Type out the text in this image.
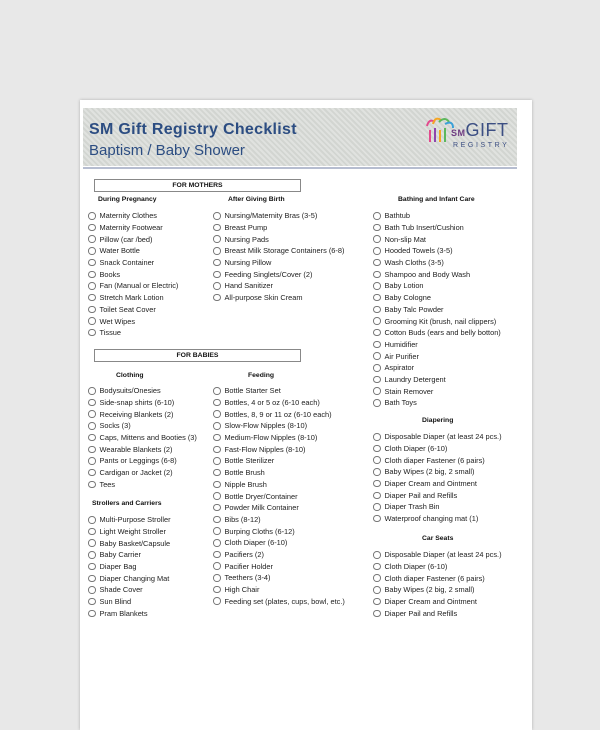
SM Gift Registry Checklist
Baptism / Baby Shower
SMGIFT
REGISTRY
FOR MOTHERS
FOR BABIES
During Pregnancy
Maternity Clothes
Maternity Footwear
Pillow (car /bed)
Water Bottle
Snack Container
Books
Fan (Manual or Electric)
Stretch Mark Lotion
Toilet Seat Cover
Wet Wipes
Tissue
After Giving Birth
Nursing/Maternity Bras (3-5)
Breast Pump
Nursing Pads
Breast Milk Storage Containers (6-8)
Nursing Pillow
Feeding Singlets/Cover (2)
Hand Sanitizer
All-purpose Skin Cream
Bathing and Infant Care
Bathtub
Bath Tub Insert/Cushion
Non-slip Mat
Hooded Towels (3-5)
Wash Cloths (3-5)
Shampoo and Body Wash
Baby Lotion
Baby Cologne
Baby Talc Powder
Grooming Kit (brush, nail clippers)
Cotton Buds (ears and belly botton)
Humidifier
Air Purifier
Aspirator
Laundry Detergent
Stain Remover
Bath Toys
Clothing
Bodysuits/Onesies
Side-snap shirts (6-10)
Receiving Blankets (2)
Socks (3)
Caps, Mittens and Booties (3)
Wearable Blankets (2)
Pants or Leggings (6-8)
Cardigan or Jacket (2)
Tees
Strollers and Carriers
Multi-Purpose Stroller
Light Weight Stroller
Baby Basket/Capsule
Baby Carrier
Diaper Bag
Diaper Changing Mat
Shade Cover
Sun Blind
Pram Blankets
Feeding
Bottle Starter Set
Bottles, 4 or 5 oz (6-10 each)
Bottles, 8, 9 or 11 oz (6-10 each)
Slow-Flow Nipples (8-10)
Medium-Flow Nipples (8-10)
Fast-Flow Nipples (8-10)
Bottle Sterilizer
Bottle Brush
Nipple Brush
Bottle Dryer/Container
Powder Milk Container
Bibs (8-12)
Burping Cloths (6-12)
Cloth Diaper (6-10)
Pacifiers (2)
Pacifier Holder
Teethers (3-4)
High Chair
Feeding set (plates, cups, bowl, etc.)
Diapering
Disposable Diaper (at least 24 pcs.)
Cloth Diaper (6-10)
Cloth diaper Fastener (6 pairs)
Baby Wipes (2 big, 2 small)
Diaper Cream and Ointment
Diaper Pail and Refills
Diaper Trash Bin
Waterproof changing mat (1)
Car Seats
Disposable Diaper (at least 24 pcs.)
Cloth Diaper (6-10)
Cloth diaper Fastener (6 pairs)
Baby Wipes (2 big, 2 small)
Diaper Cream and Ointment
Diaper Pail and Refills
